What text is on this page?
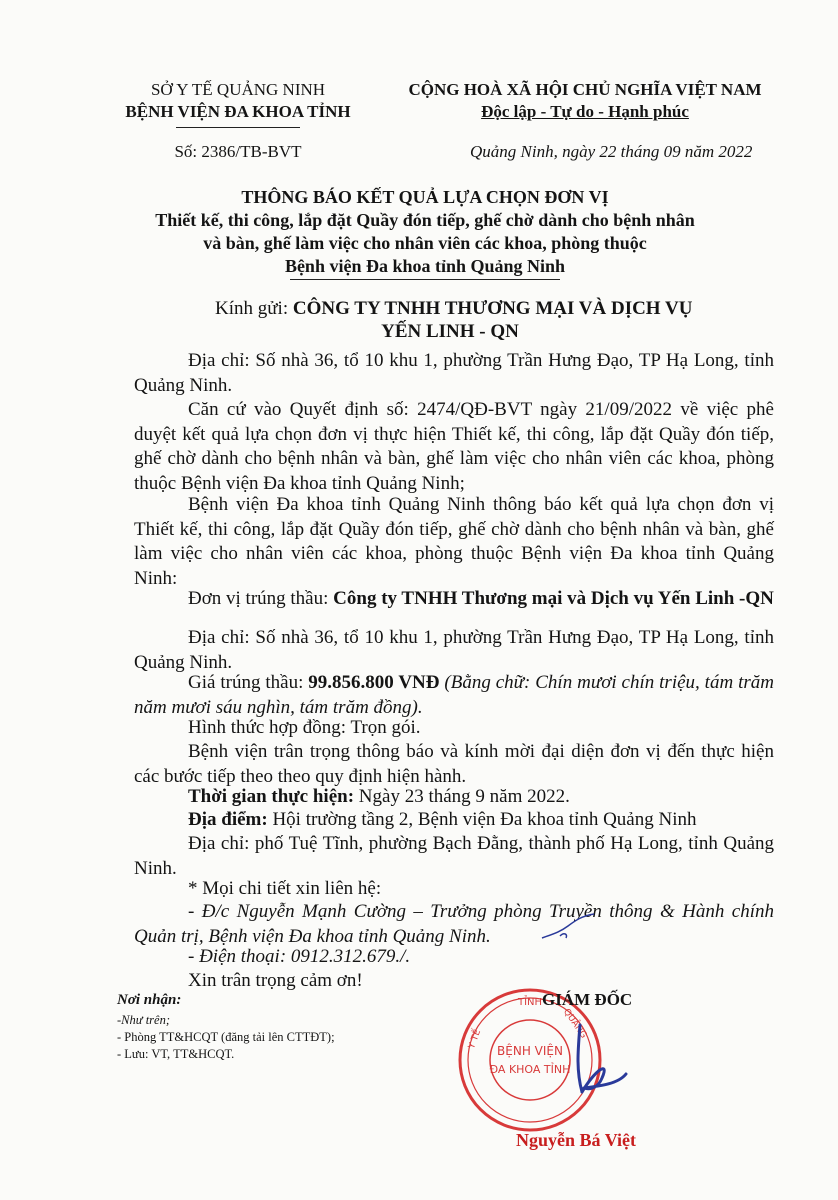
SỞ Y TẾ QUẢNG NINH
BỆNH VIỆN ĐA KHOA TỈNH
Số: 2386/TB-BVT
CỘNG HOÀ XÃ HỘI CHỦ NGHĨA VIỆT NAM
Độc lập - Tự do - Hạnh phúc
Quảng Ninh, ngày 22 tháng 09 năm 2022
THÔNG BÁO KẾT QUẢ LỰA CHỌN ĐƠN VỊ
Thiết kế, thi công, lắp đặt Quầy đón tiếp, ghế chờ dành cho bệnh nhân
và bàn, ghế làm việc cho nhân viên các khoa, phòng thuộc
Bệnh viện Đa khoa tỉnh Quảng Ninh
Kính gửi: CÔNG TY TNHH THƯƠNG MẠI VÀ DỊCH VỤ
YẾN LINH - QN
Địa chỉ: Số nhà 36, tổ 10 khu 1, phường Trần Hưng Đạo, TP Hạ Long, tỉnh Quảng Ninh.
Căn cứ vào Quyết định số: 2474/QĐ-BVT ngày 21/09/2022 về việc phê duyệt kết quả lựa chọn đơn vị thực hiện Thiết kế, thi công, lắp đặt Quầy đón tiếp, ghế chờ dành cho bệnh nhân và bàn, ghế làm việc cho nhân viên các khoa, phòng thuộc Bệnh viện Đa khoa tỉnh Quảng Ninh;
Bệnh viện Đa khoa tỉnh Quảng Ninh thông báo kết quả lựa chọn đơn vị Thiết kế, thi công, lắp đặt Quầy đón tiếp, ghế chờ dành cho bệnh nhân và bàn, ghế làm việc cho nhân viên các khoa, phòng thuộc Bệnh viện Đa khoa tỉnh Quảng Ninh:
Đơn vị trúng thầu: Công ty TNHH Thương mại và Dịch vụ Yến Linh -QN
Địa chỉ: Số nhà 36, tổ 10 khu 1, phường Trần Hưng Đạo, TP Hạ Long, tỉnh Quảng Ninh.
Giá trúng thầu: 99.856.800 VNĐ (Bằng chữ: Chín mươi chín triệu, tám trăm năm mươi sáu nghìn, tám trăm đồng).
Hình thức hợp đồng: Trọn gói.
Bệnh viện trân trọng thông báo và kính mời đại diện đơn vị đến thực hiện các bước tiếp theo theo quy định hiện hành.
Thời gian thực hiện: Ngày 23 tháng 9 năm 2022.
Địa điểm: Hội trường tầng 2, Bệnh viện Đa khoa tỉnh Quảng Ninh
Địa chỉ: phố Tuệ Tĩnh, phường Bạch Đằng, thành phố Hạ Long, tỉnh Quảng Ninh.
* Mọi chi tiết xin liên hệ:
- Đ/c Nguyễn Mạnh Cường – Trưởng phòng Truyền thông & Hành chính Quản trị, Bệnh viện Đa khoa tỉnh Quảng Ninh.
- Điện thoại: 0912.312.679./.
Xin trân trọng cảm ơn!
Nơi nhận:
-Như trên;
- Phòng TT&HCQT (đăng tải lên CTTĐT);
- Lưu: VT, TT&HCQT.	BỆNH VIỆN
ĐA KHOA TỈNH
TỈNH
QUẢNG
Y TẾ
GIÁM ĐỐC
Nguyễn Bá Việt
